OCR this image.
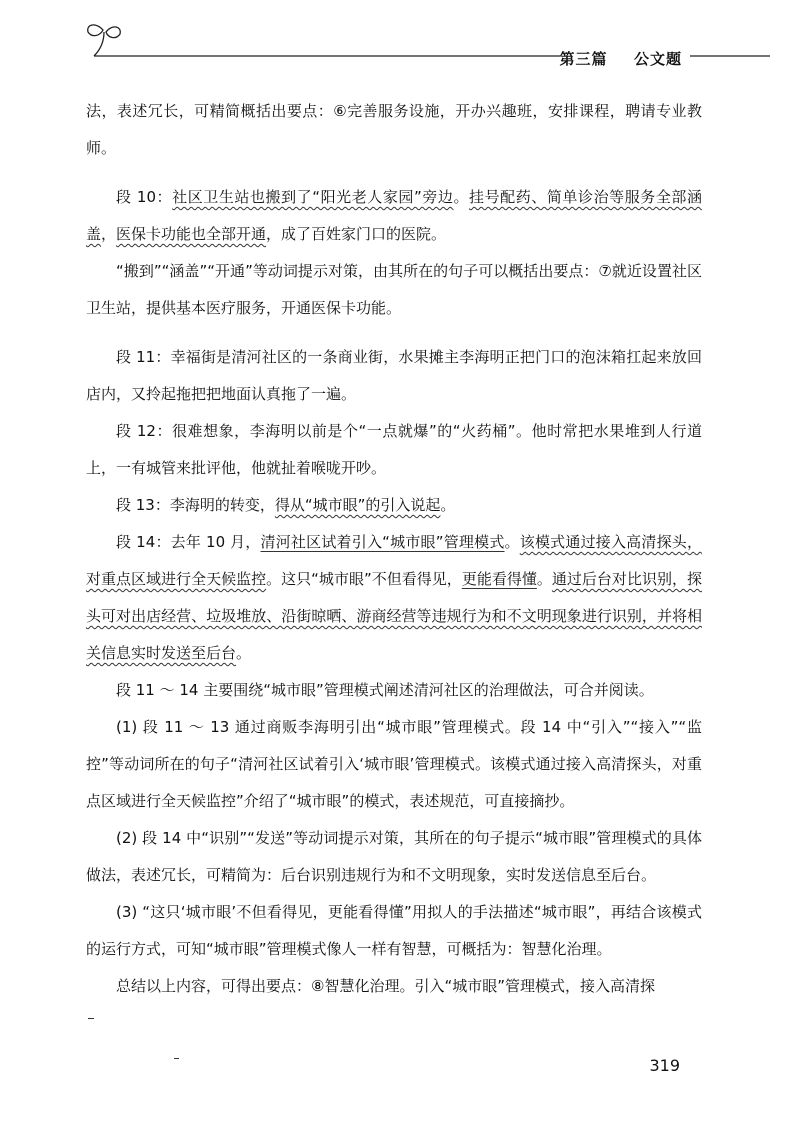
第三篇 公文题

法，表述冗长，可精简概括出要点：⑥完善服务设施，开办兴趣班，安排课程，聘请专业教师。

段 10：社区卫生站也搬到了“阳光老人家园”旁边。挂号配药、简单诊治等服务全部涵盖，医保卡功能也全部开通，成了百姓家门口的医院。

“搬到”“涵盖”“开通”等动词提示对策，由其所在的句子可以概括出要点：⑦就近设置社区卫生站，提供基本医疗服务，开通医保卡功能。

段 11：幸福街是清河社区的一条商业街，水果摊主李海明正把门口的泡沫箱扛起来放回店内，又拎起拖把把地面认真拖了一遍。

段 12：很难想象，李海明以前是个“一点就爆”的“火药桶”。他时常把水果堆到人行道上，一有城管来批评他，他就扯着喉咙开吵。

段 13：李海明的转变，得从“城市眼”的引入说起。

段 14：去年 10 月，清河社区试着引入“城市眼”管理模式。该模式通过接入高清探头，对重点区域进行全天候监控。这只“城市眼”不但看得见，更能看得懂。通过后台对比识别，探头可对出店经营、垃圾堆放、沿街晾晒、游商经营等违规行为和不文明现象进行识别，并将相关信息实时发送至后台。

段 11 ～ 14 主要围绕“城市眼”管理模式阐述清河社区的治理做法，可合并阅读。

(1) 段 11 ～ 13 通过商贩李海明引出“城市眼”管理模式。段 14 中“引入”“接入”“监控”等动词所在的句子“清河社区试着引入‘城市眼’管理模式。该模式通过接入高清探头，对重点区域进行全天候监控”介绍了“城市眼”的模式，表述规范，可直接摘抄。

(2) 段 14 中“识别”“发送”等动词提示对策，其所在的句子提示“城市眼”管理模式的具体做法，表述冗长，可精简为：后台识别违规行为和不文明现象，实时发送信息至后台。

(3) “这只‘城市眼’不但看得见，更能看得懂”用拟人的手法描述“城市眼”，再结合该模式的运行方式，可知“城市眼”管理模式像人一样有智慧，可概括为：智慧化治理。

总结以上内容，可得出要点：⑧智慧化治理。引入“城市眼”管理模式，接入高清探

319
